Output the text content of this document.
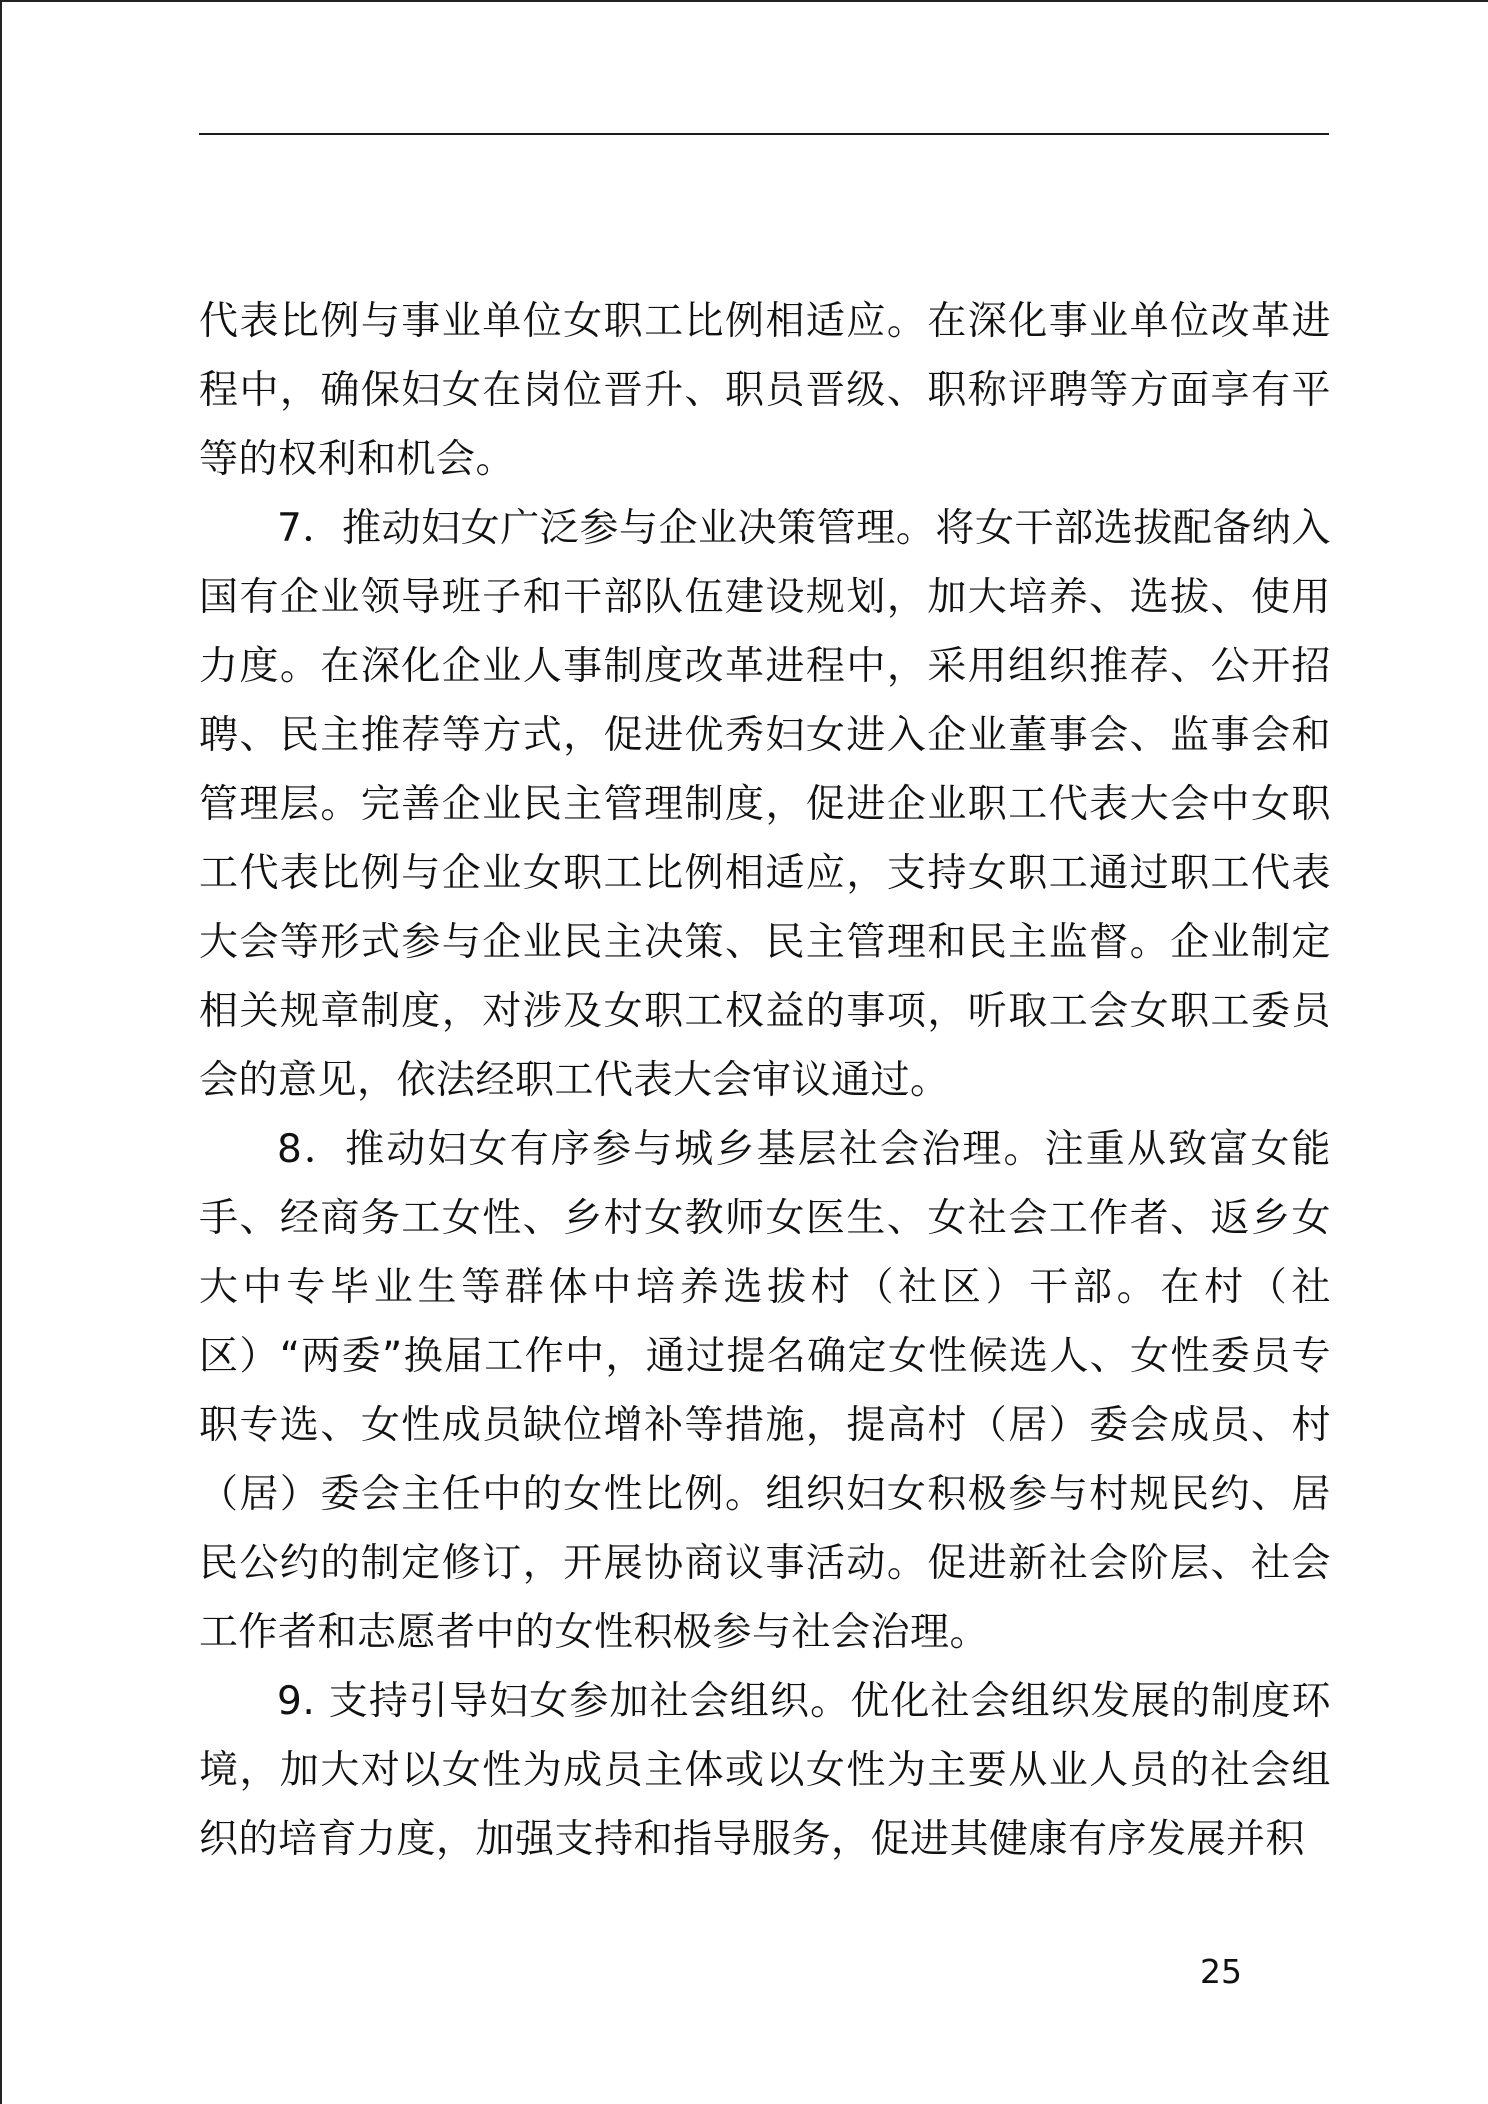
代表比例与事业单位女职工比例相适应。在深化事业单位改革进程中，确保妇女在岗位晋升、职员晋级、职称评聘等方面享有平等的权利和机会。

7．推动妇女广泛参与企业决策管理。将女干部选拔配备纳入国有企业领导班子和干部队伍建设规划，加大培养、选拔、使用力度。在深化企业人事制度改革进程中，采用组织推荐、公开招聘、民主推荐等方式，促进优秀妇女进入企业董事会、监事会和管理层。完善企业民主管理制度，促进企业职工代表大会中女职工代表比例与企业女职工比例相适应，支持女职工通过职工代表大会等形式参与企业民主决策、民主管理和民主监督。企业制定相关规章制度，对涉及女职工权益的事项，听取工会女职工委员会的意见，依法经职工代表大会审议通过。

8．推动妇女有序参与城乡基层社会治理。注重从致富女能手、经商务工女性、乡村女教师女医生、女社会工作者、返乡女大中专毕业生等群体中培养选拔村（社区）干部。在村（社区）“两委”换届工作中，通过提名确定女性候选人、女性委员专职专选、女性成员缺位增补等措施，提高村（居）委会成员、村（居）委会主任中的女性比例。组织妇女积极参与村规民约、居民公约的制定修订，开展协商议事活动。促进新社会阶层、社会工作者和志愿者中的女性积极参与社会治理。

9. 支持引导妇女参加社会组织。优化社会组织发展的制度环境，加大对以女性为成员主体或以女性为主要从业人员的社会组织的培育力度，加强支持和指导服务，促进其健康有序发展并积

25
